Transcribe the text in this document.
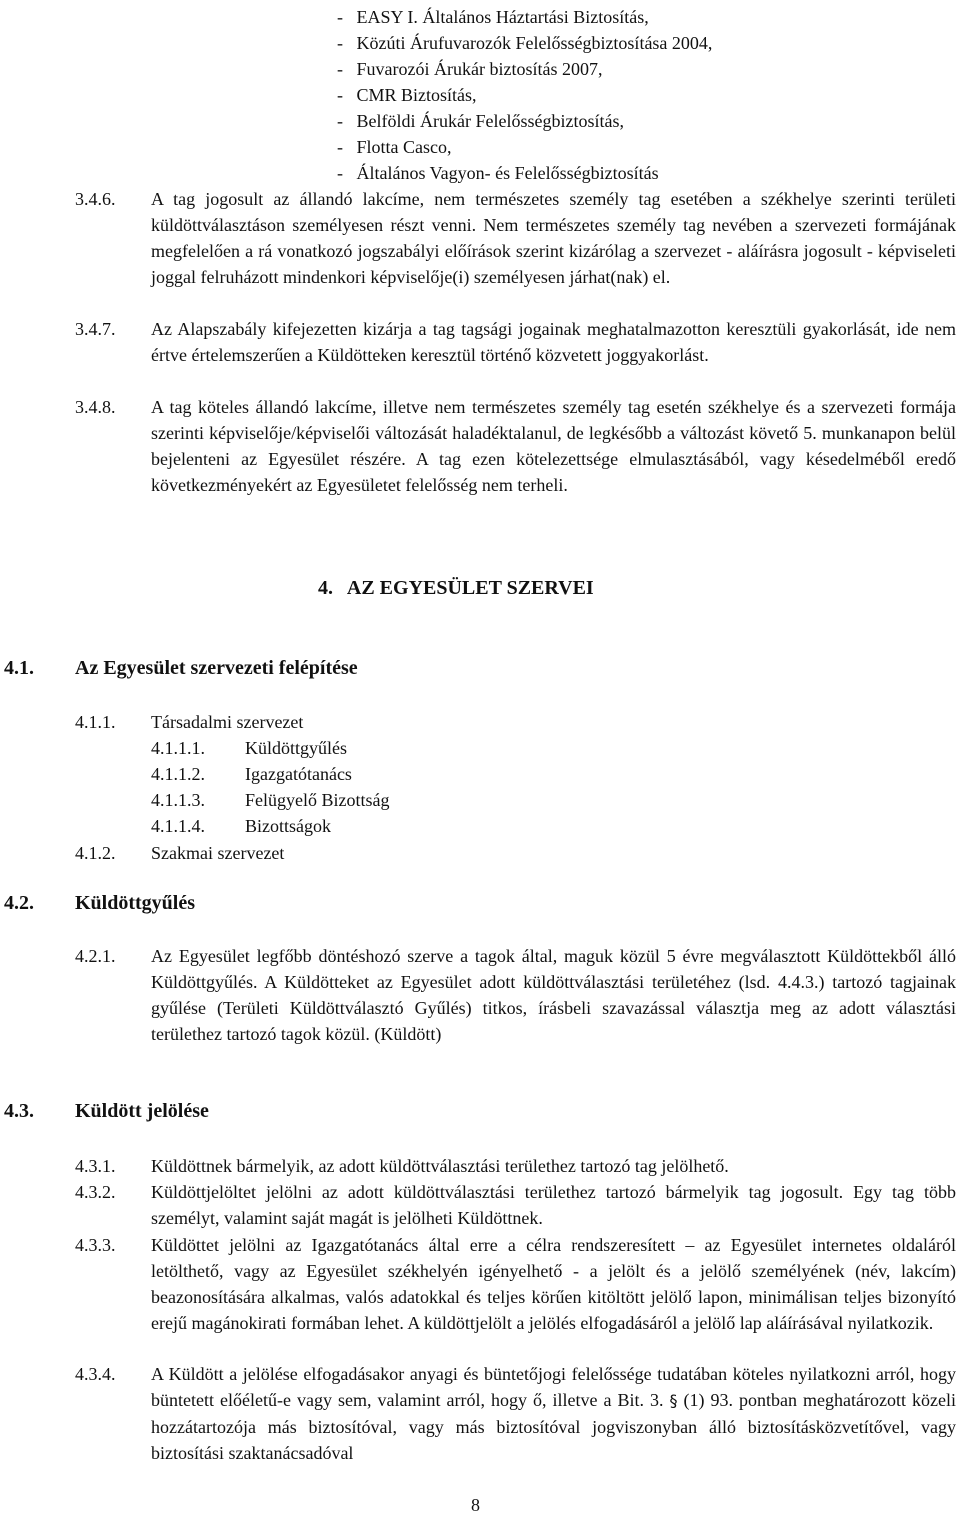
- EASY I. Általános Háztartási Biztosítás,
- Közúti Árufuvarozók Felelősségbiztosítása 2004,
- Fuvarozói Árukár biztosítás 2007,
- CMR Biztosítás,
- Belföldi Árukár Felelősségbiztosítás,
- Flotta Casco,
- Általános Vagyon- és Felelősségbiztosítás
3.4.6. A tag jogosult az állandó lakcíme, nem természetes személy tag esetében a székhelye szerinti területi küldöttválasztáson személyesen részt venni. Nem természetes személy tag nevében a szervezeti formájának megfelelően a rá vonatkozó jogszabályi előírások szerint kizárólag a szervezet - aláírásra jogosult - képviseleti joggal felruházott mindenkori képviselője(i) személyesen járhat(nak) el.
3.4.7. Az Alapszabály kifejezetten kizárja a tag tagsági jogainak meghatalmazotton keresztüli gyakorlását, ide nem értve értelemszerűen a Küldötteken keresztül történő közvetett joggyakorlást.
3.4.8. A tag köteles állandó lakcíme, illetve nem természetes személy tag esetén székhelye és a szervezeti formája szerinti képviselője/képviselői változását haladéktalanul, de legkésőbb a változást követő 5. munkanapon belül bejelenteni az Egyesület részére. A tag ezen kötelezettsége elmulasztásából, vagy késedelméből eredő következményekért az Egyesületet felelősség nem terheli.
4.   AZ EGYESÜLET SZERVEI
4.1. Az Egyesület szervezeti felépítése
4.1.1. Társadalmi szervezet
4.1.1.1. Küldöttgyűlés
4.1.1.2. Igazgatótanács
4.1.1.3. Felügyelő Bizottság
4.1.1.4. Bizottságok
4.1.2. Szakmai szervezet
4.2. Küldöttgyűlés
4.2.1. Az Egyesület legfőbb döntéshozó szerve a tagok által, maguk közül 5 évre megválasztott Küldöttekből álló Küldöttgyűlés. A Küldötteket az Egyesület adott küldöttválasztási területéhez (lsd. 4.4.3.) tartozó tagjainak gyűlése (Területi Küldöttválasztó Gyűlés) titkos, írásbeli szavazással választja meg az adott választási területhez tartozó tagok közül. (Küldött)
4.3. Küldött jelölése
4.3.1. Küldöttnek bármelyik, az adott küldöttválasztási területhez tartozó tag jelölhető.
4.3.2. Küldöttjelöltet jelölni az adott küldöttválasztási területhez tartozó bármelyik tag jogosult. Egy tag több személyt, valamint saját magát is jelölheti Küldöttnek.
4.3.3. Küldöttet jelölni az Igazgatótanács által erre a célra rendszeresített – az Egyesület internetes oldaláról letölthető, vagy az Egyesület székhelyén igényelhető - a jelölt és a jelölő személyének (név, lakcím) beazonosítására alkalmas, valós adatokkal és teljes körűen kitöltött jelölő lapon, minimálisan teljes bizonyító erejű magánokirati formában lehet. A küldöttjelölt a jelölés elfogadásáról a jelölő lap aláírásával nyilatkozik.
4.3.4. A Küldött a jelölése elfogadásakor anyagi és büntetőjogi felelőssége tudatában köteles nyilatkozni arról, hogy büntetett előéletű-e vagy sem, valamint arról, hogy ő, illetve a Bit. 3. § (1) 93. pontban meghatározott közeli hozzátartozója más biztosítóval, vagy más biztosítóval jogviszonyban álló biztosításközvetítővel, vagy biztosítási szaktanácsadóval
8
